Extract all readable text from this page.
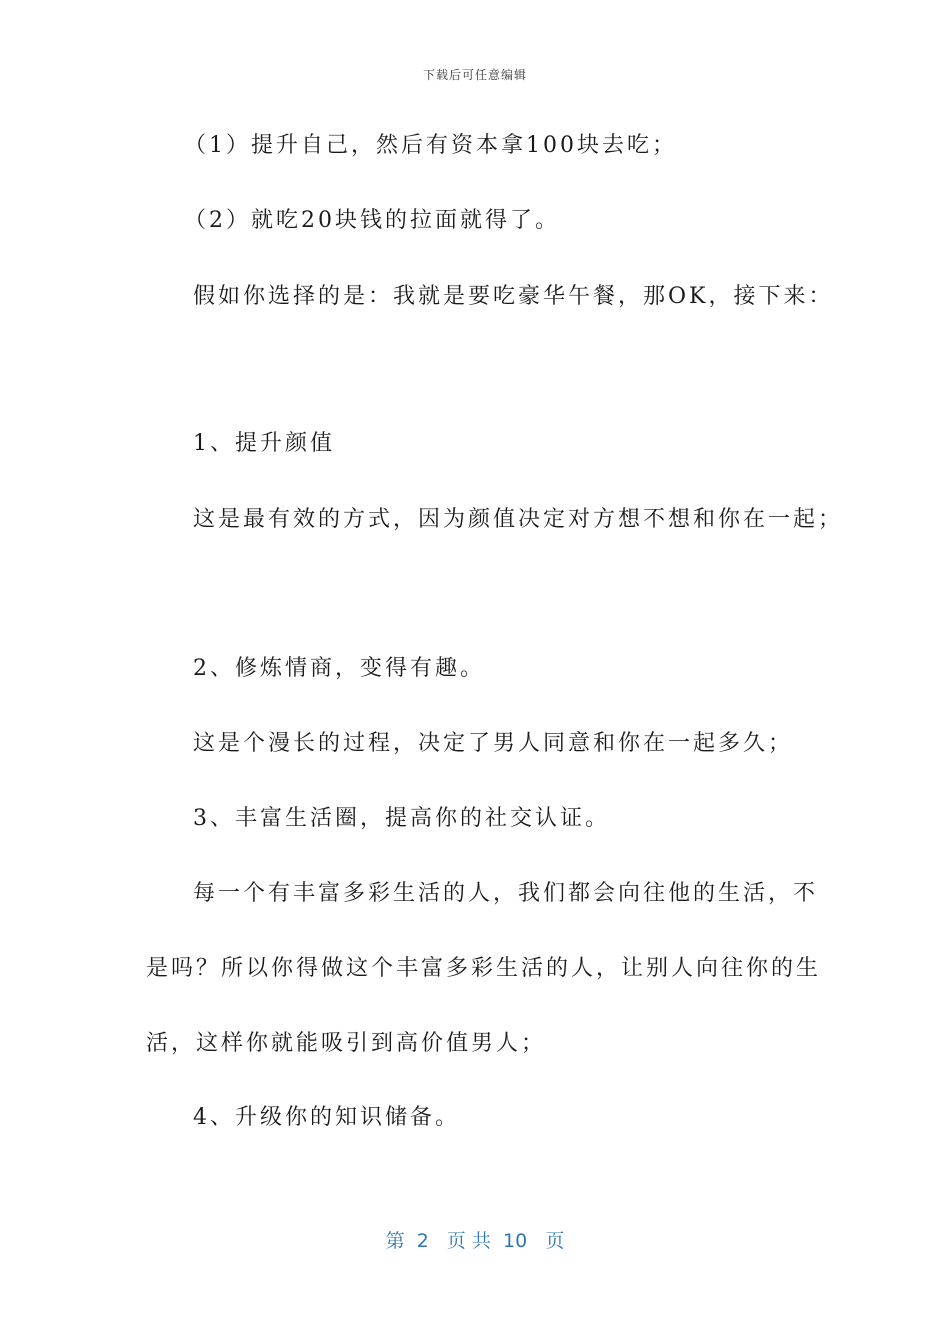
下载后可任意编辑
（1）提升自己，然后有资本拿100块去吃；
（2）就吃20块钱的拉面就得了。
假如你选择的是：我就是要吃豪华午餐，那OK，接下来：
1、提升颜值
这是最有效的方式，因为颜值决定对方想不想和你在一起；
2、修炼情商，变得有趣。
这是个漫长的过程，决定了男人同意和你在一起多久；
3、丰富生活圈，提高你的社交认证。
每一个有丰富多彩生活的人，我们都会向往他的生活，不
是吗？所以你得做这个丰富多彩生活的人，让别人向往你的生
活，这样你就能吸引到高价值男人；
4、升级你的知识储备。
第  2   页 共  10   页
